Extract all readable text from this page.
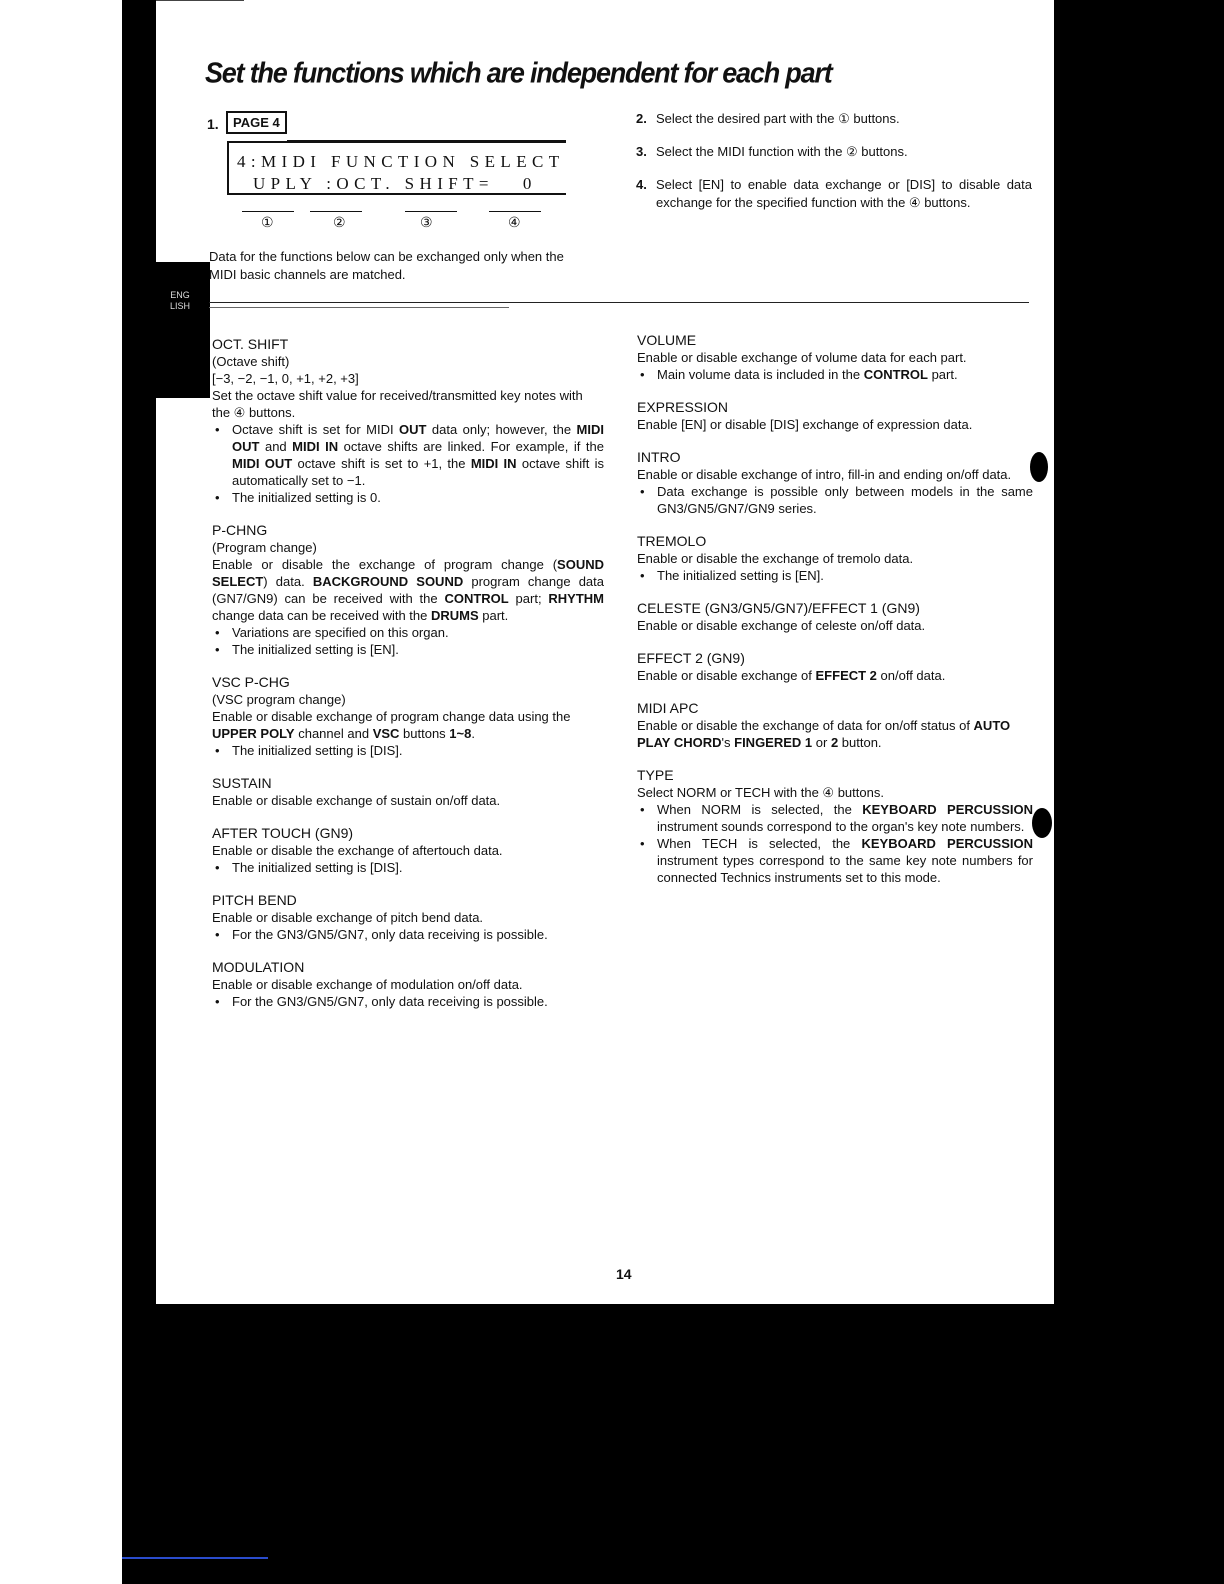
ENGLISH
Set the functions which are independent for each part
1.	PAGE 4
4:MIDI FUNCTION SELECT
UPLY :OCT. SHIFT=   0
①	②	③	④
Data for the functions below can be exchanged only when the MIDI basic channels are matched.
2. Select the desired part with the ① buttons.
3. Select the MIDI function with the ② buttons.
4. Select [EN] to enable data exchange or [DIS] to disable data exchange for the specified function with the ④ buttons.
OCT. SHIFT
(Octave shift)
[−3, −2, −1, 0, +1, +2, +3]
Set the octave shift value for received/transmitted key notes with the ④ buttons.
• Octave shift is set for MIDI OUT data only; however, the MIDI OUT and MIDI IN octave shifts are linked. For example, if the MIDI OUT octave shift is set to +1, the MIDI IN octave shift is automatically set to −1.
• The initialized setting is 0.
P-CHNG
(Program change)
Enable or disable the exchange of program change (SOUND SELECT) data. BACKGROUND SOUND program change data (GN7/GN9) can be received with the CONTROL part; RHYTHM change data can be received with the DRUMS part.
• Variations are specified on this organ.
• The initialized setting is [EN].
VSC P-CHG
(VSC program change)
Enable or disable exchange of program change data using the UPPER POLY channel and VSC buttons 1~8.
• The initialized setting is [DIS].
SUSTAIN
Enable or disable exchange of sustain on/off data.
AFTER TOUCH (GN9)
Enable or disable the exchange of aftertouch data.
• The initialized setting is [DIS].
PITCH BEND
Enable or disable exchange of pitch bend data.
• For the GN3/GN5/GN7, only data receiving is possible.
MODULATION
Enable or disable exchange of modulation on/off data.
• For the GN3/GN5/GN7, only data receiving is possible.
VOLUME
Enable or disable exchange of volume data for each part.
• Main volume data is included in the CONTROL part.
EXPRESSION
Enable [EN] or disable [DIS] exchange of expression data.
INTRO
Enable or disable exchange of intro, fill-in and ending on/off data.
• Data exchange is possible only between models in the same GN3/GN5/GN7/GN9 series.
TREMOLO
Enable or disable the exchange of tremolo data.
• The initialized setting is [EN].
CELESTE (GN3/GN5/GN7)/EFFECT 1 (GN9)
Enable or disable exchange of celeste on/off data.
EFFECT 2 (GN9)
Enable or disable exchange of EFFECT 2 on/off data.
MIDI APC
Enable or disable the exchange of data for on/off status of AUTO PLAY CHORD's FINGERED 1 or 2 button.
TYPE
Select NORM or TECH with the ④ buttons.
• When NORM is selected, the KEYBOARD PERCUSSION instrument sounds correspond to the organ's key note numbers.
• When TECH is selected, the KEYBOARD PERCUSSION instrument types correspond to the same key note numbers for connected Technics instruments set to this mode.
14
